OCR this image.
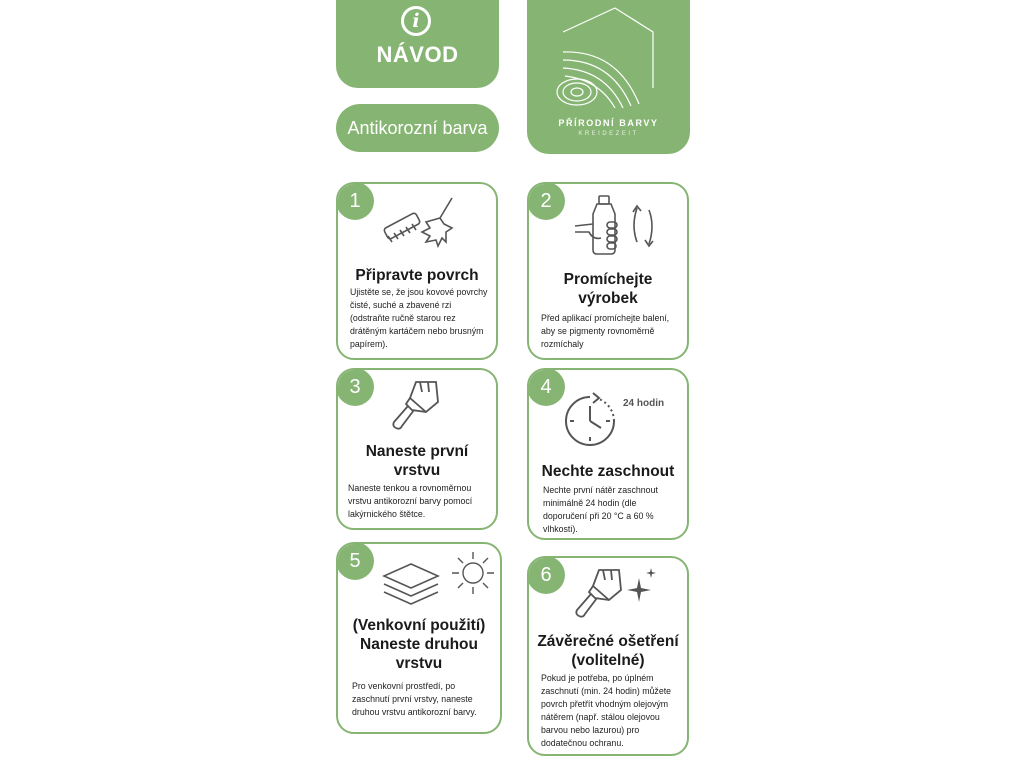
i
NÁVOD
Antikorozní barva	PŘÍRODNÍ BARVY
KREIDEZEIT
1
Připravte povrch
Ujistěte se, že jsou kovové povrchy čisté, suché a zbavené rzi (odstraňte ručně starou rez drátěným kartáčem nebo brusným papírem).
2
Promíchejte výrobek
Před aplikací promíchejte balení, aby se pigmenty rovnoměrně rozmíchaly
3
Naneste první vrstvu
Naneste tenkou a rovnoměrnou vrstvu antikorozní barvy pomocí lakýrnického štětce.
4
24 hodin
Nechte zaschnout
Nechte první nátěr zaschnout minimálně 24 hodin (dle doporučení při 20 °C a 60 % vlhkosti).
5
(Venkovní použití) Naneste druhou vrstvu
Pro venkovní prostředí, po zaschnutí první vrstvy, naneste druhou vrstvu antikorozní barvy.
6
Závěrečné ošetření (volitelné)
Pokud je potřeba, po úplném zaschnutí (min. 24 hodin) můžete povrch přetřít vhodným olejovým nátěrem (např. stálou olejovou barvou nebo lazurou) pro dodatečnou ochranu.
